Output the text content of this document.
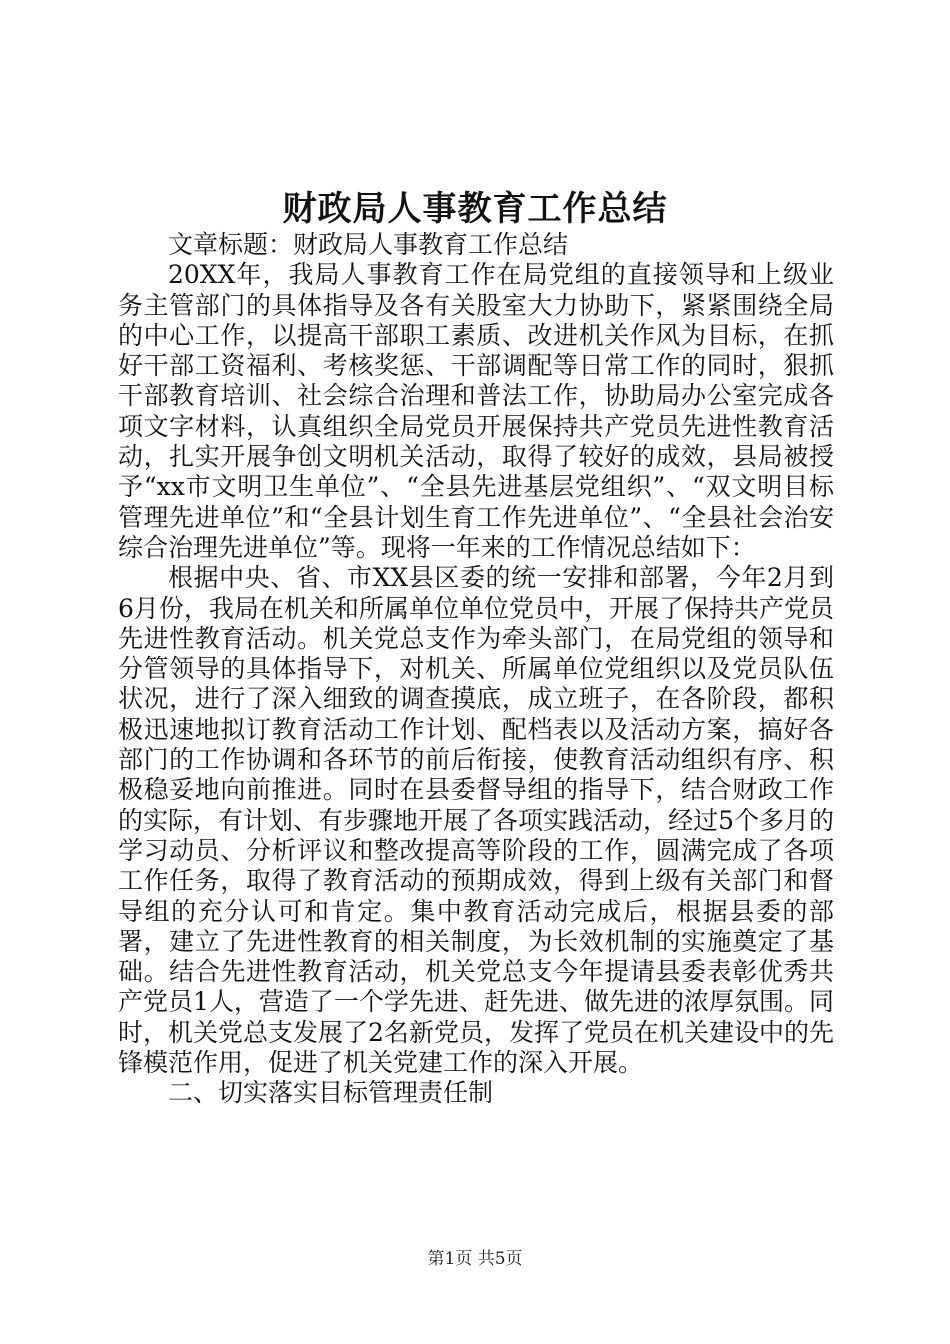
财政局人事教育工作总结

文章标题：财政局人事教育工作总结

20XX年，我局人事教育工作在局党组的直接领导和上级业务主管部门的具体指导及各有关股室大力协助下，紧紧围绕全局的中心工作，以提高干部职工素质、改进机关作风为目标，在抓好干部工资福利、考核奖惩、干部调配等日常工作的同时，狠抓干部教育培训、社会综合治理和普法工作，协助局办公室完成各项文字材料，认真组织全局党员开展保持共产党员先进性教育活动，扎实开展争创文明机关活动，取得了较好的成效，县局被授予“xx市文明卫生单位”、“全县先进基层党组织”、“双文明目标管理先进单位”和“全县计划生育工作先进单位”、“全县社会治安综合治理先进单位”等。现将一年来的工作情况总结如下：

根据中央、省、市XX县区委的统一安排和部署，今年2月到6月份，我局在机关和所属单位单位党员中，开展了保持共产党员先进性教育活动。机关党总支作为牵头部门，在局党组的领导和分管领导的具体指导下，对机关、所属单位党组织以及党员队伍状况，进行了深入细致的调查摸底，成立班子，在各阶段，都积极迅速地拟订教育活动工作计划、配档表以及活动方案，搞好各部门的工作协调和各环节的前后衔接，使教育活动组织有序、积极稳妥地向前推进。同时在县委督导组的指导下，结合财政工作的实际，有计划、有步骤地开展了各项实践活动，经过5个多月的学习动员、分析评议和整改提高等阶段的工作，圆满完成了各项工作任务，取得了教育活动的预期成效，得到上级有关部门和督导组的充分认可和肯定。集中教育活动完成后，根据县委的部署，建立了先进性教育的相关制度，为长效机制的实施奠定了基础。结合先进性教育活动，机关党总支今年提请县委表彰优秀共产党员1人，营造了一个学先进、赶先进、做先进的浓厚氛围。同时，机关党总支发展了2名新党员，发挥了党员在机关建设中的先锋模范作用，促进了机关党建工作的深入开展。

二、切实落实目标管理责任制

第1页 共5页
